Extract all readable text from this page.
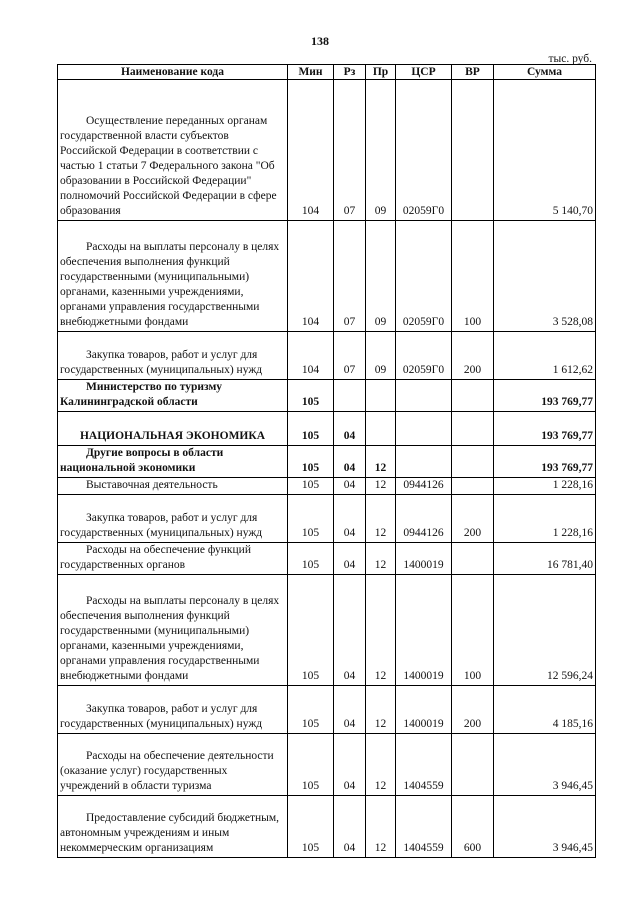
138
тыс. руб.
Наименование кода	Мин	Рз	Пр	ЦСР	ВР	Сумма
Осуществление переданных органам государственной власти субъектов Российской Федерации в соответствии с частью 1 статьи 7 Федерального закона "Об образовании в Российской Федерации" полномочий Российской Федерации в сфере образования	104	07	09	02059Г0		5 140,70
Расходы на выплаты персоналу в целях обеспечения выполнения функций государственными (муниципальными) органами, казенными учреждениями, органами управления государственными внебюджетными фондами	104	07	09	02059Г0	100	3 528,08
Закупка товаров, работ и услуг для государственных (муниципальных) нужд	104	07	09	02059Г0	200	1 612,62
Министерство по туризму Калининградской области	105					193 769,77
НАЦИОНАЛЬНАЯ ЭКОНОМИКА	105	04				193 769,77
Другие вопросы в области национальной экономики	105	04	12			193 769,77
Выставочная деятельность	105	04	12	0944126		1 228,16
Закупка товаров, работ и услуг для государственных (муниципальных) нужд	105	04	12	0944126	200	1 228,16
Расходы на обеспечение функций государственных органов	105	04	12	1400019		16 781,40
Расходы на выплаты персоналу в целях обеспечения выполнения функций государственными (муниципальными) органами, казенными учреждениями, органами управления государственными внебюджетными фондами	105	04	12	1400019	100	12 596,24
Закупка товаров, работ и услуг для государственных (муниципальных) нужд	105	04	12	1400019	200	4 185,16
Расходы на обеспечение деятельности (оказание услуг) государственных учреждений в области туризма	105	04	12	1404559		3 946,45
Предоставление субсидий бюджетным, автономным учреждениям и иным некоммерческим организациям	105	04	12	1404559	600	3 946,45
